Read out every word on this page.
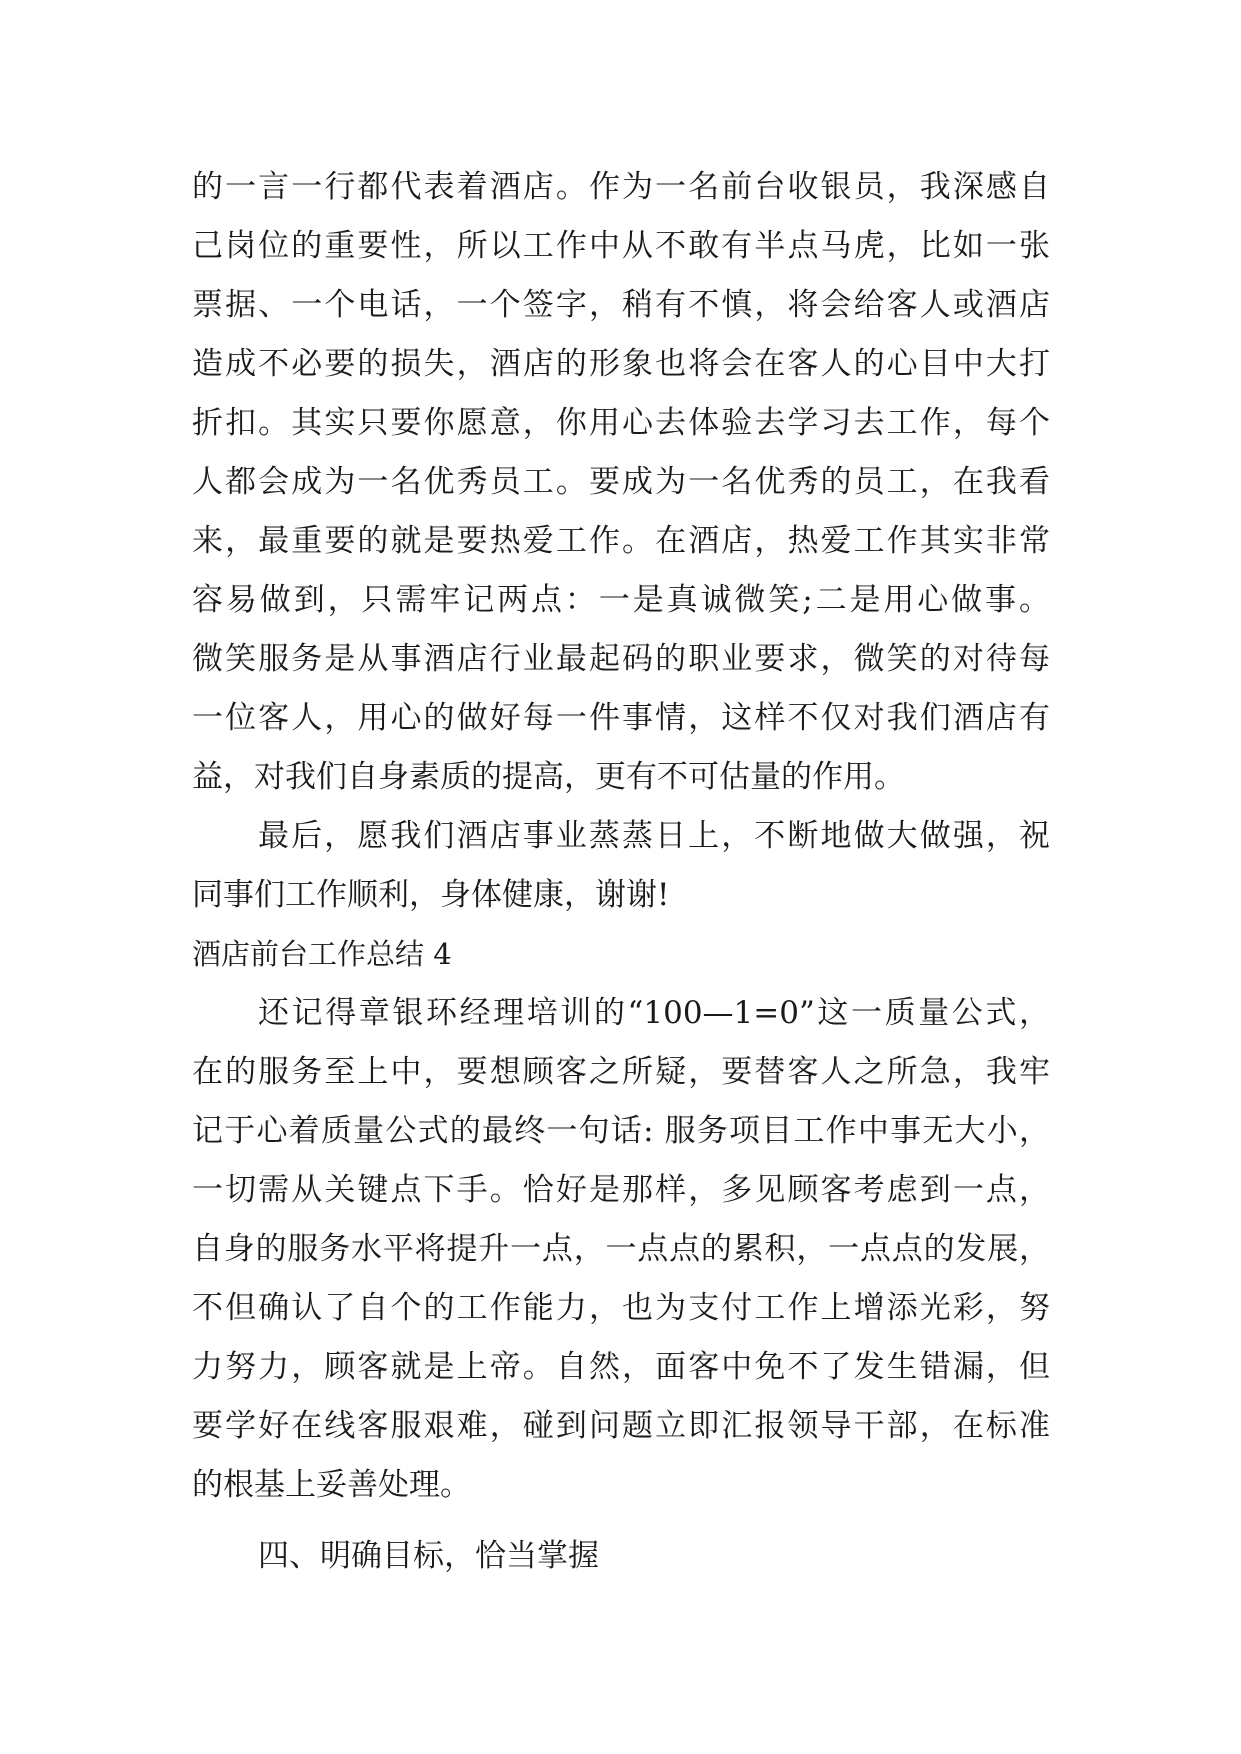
的一言一行都代表着酒店。作为一名前台收银员，我深感自
己岗位的重要性，所以工作中从不敢有半点马虎，比如一张
票据、一个电话，一个签字，稍有不慎，将会给客人或酒店
造成不必要的损失，酒店的形象也将会在客人的心目中大打
折扣。其实只要你愿意，你用心去体验去学习去工作，每个
人都会成为一名优秀员工。要成为一名优秀的员工，在我看
来，最重要的就是要热爱工作。在酒店，热爱工作其实非常
容易做到，只需牢记两点：一是真诚微笑;二是用心做事。
微笑服务是从事酒店行业最起码的职业要求，微笑的对待每
一位客人，用心的做好每一件事情，这样不仅对我们酒店有
益，对我们自身素质的提高，更有不可估量的作用。
最后，愿我们酒店事业蒸蒸日上，不断地做大做强，祝
同事们工作顺利，身体健康，谢谢!
酒店前台工作总结 4
还记得章银环经理培训的“100—1=0”这一质量公式，
在的服务至上中，要想顾客之所疑，要替客人之所急，我牢
记于心着质量公式的最终一句话: 服务项目工作中事无大小，
一切需从关键点下手。恰好是那样，多见顾客考虑到一点，
自身的服务水平将提升一点，一点点的累积，一点点的发展，
不但确认了自个的工作能力，也为支付工作上增添光彩，努
力努力，顾客就是上帝。自然，面客中免不了发生错漏，但
要学好在线客服艰难，碰到问题立即汇报领导干部，在标准
的根基上妥善处理。
四、明确目标，恰当掌握
